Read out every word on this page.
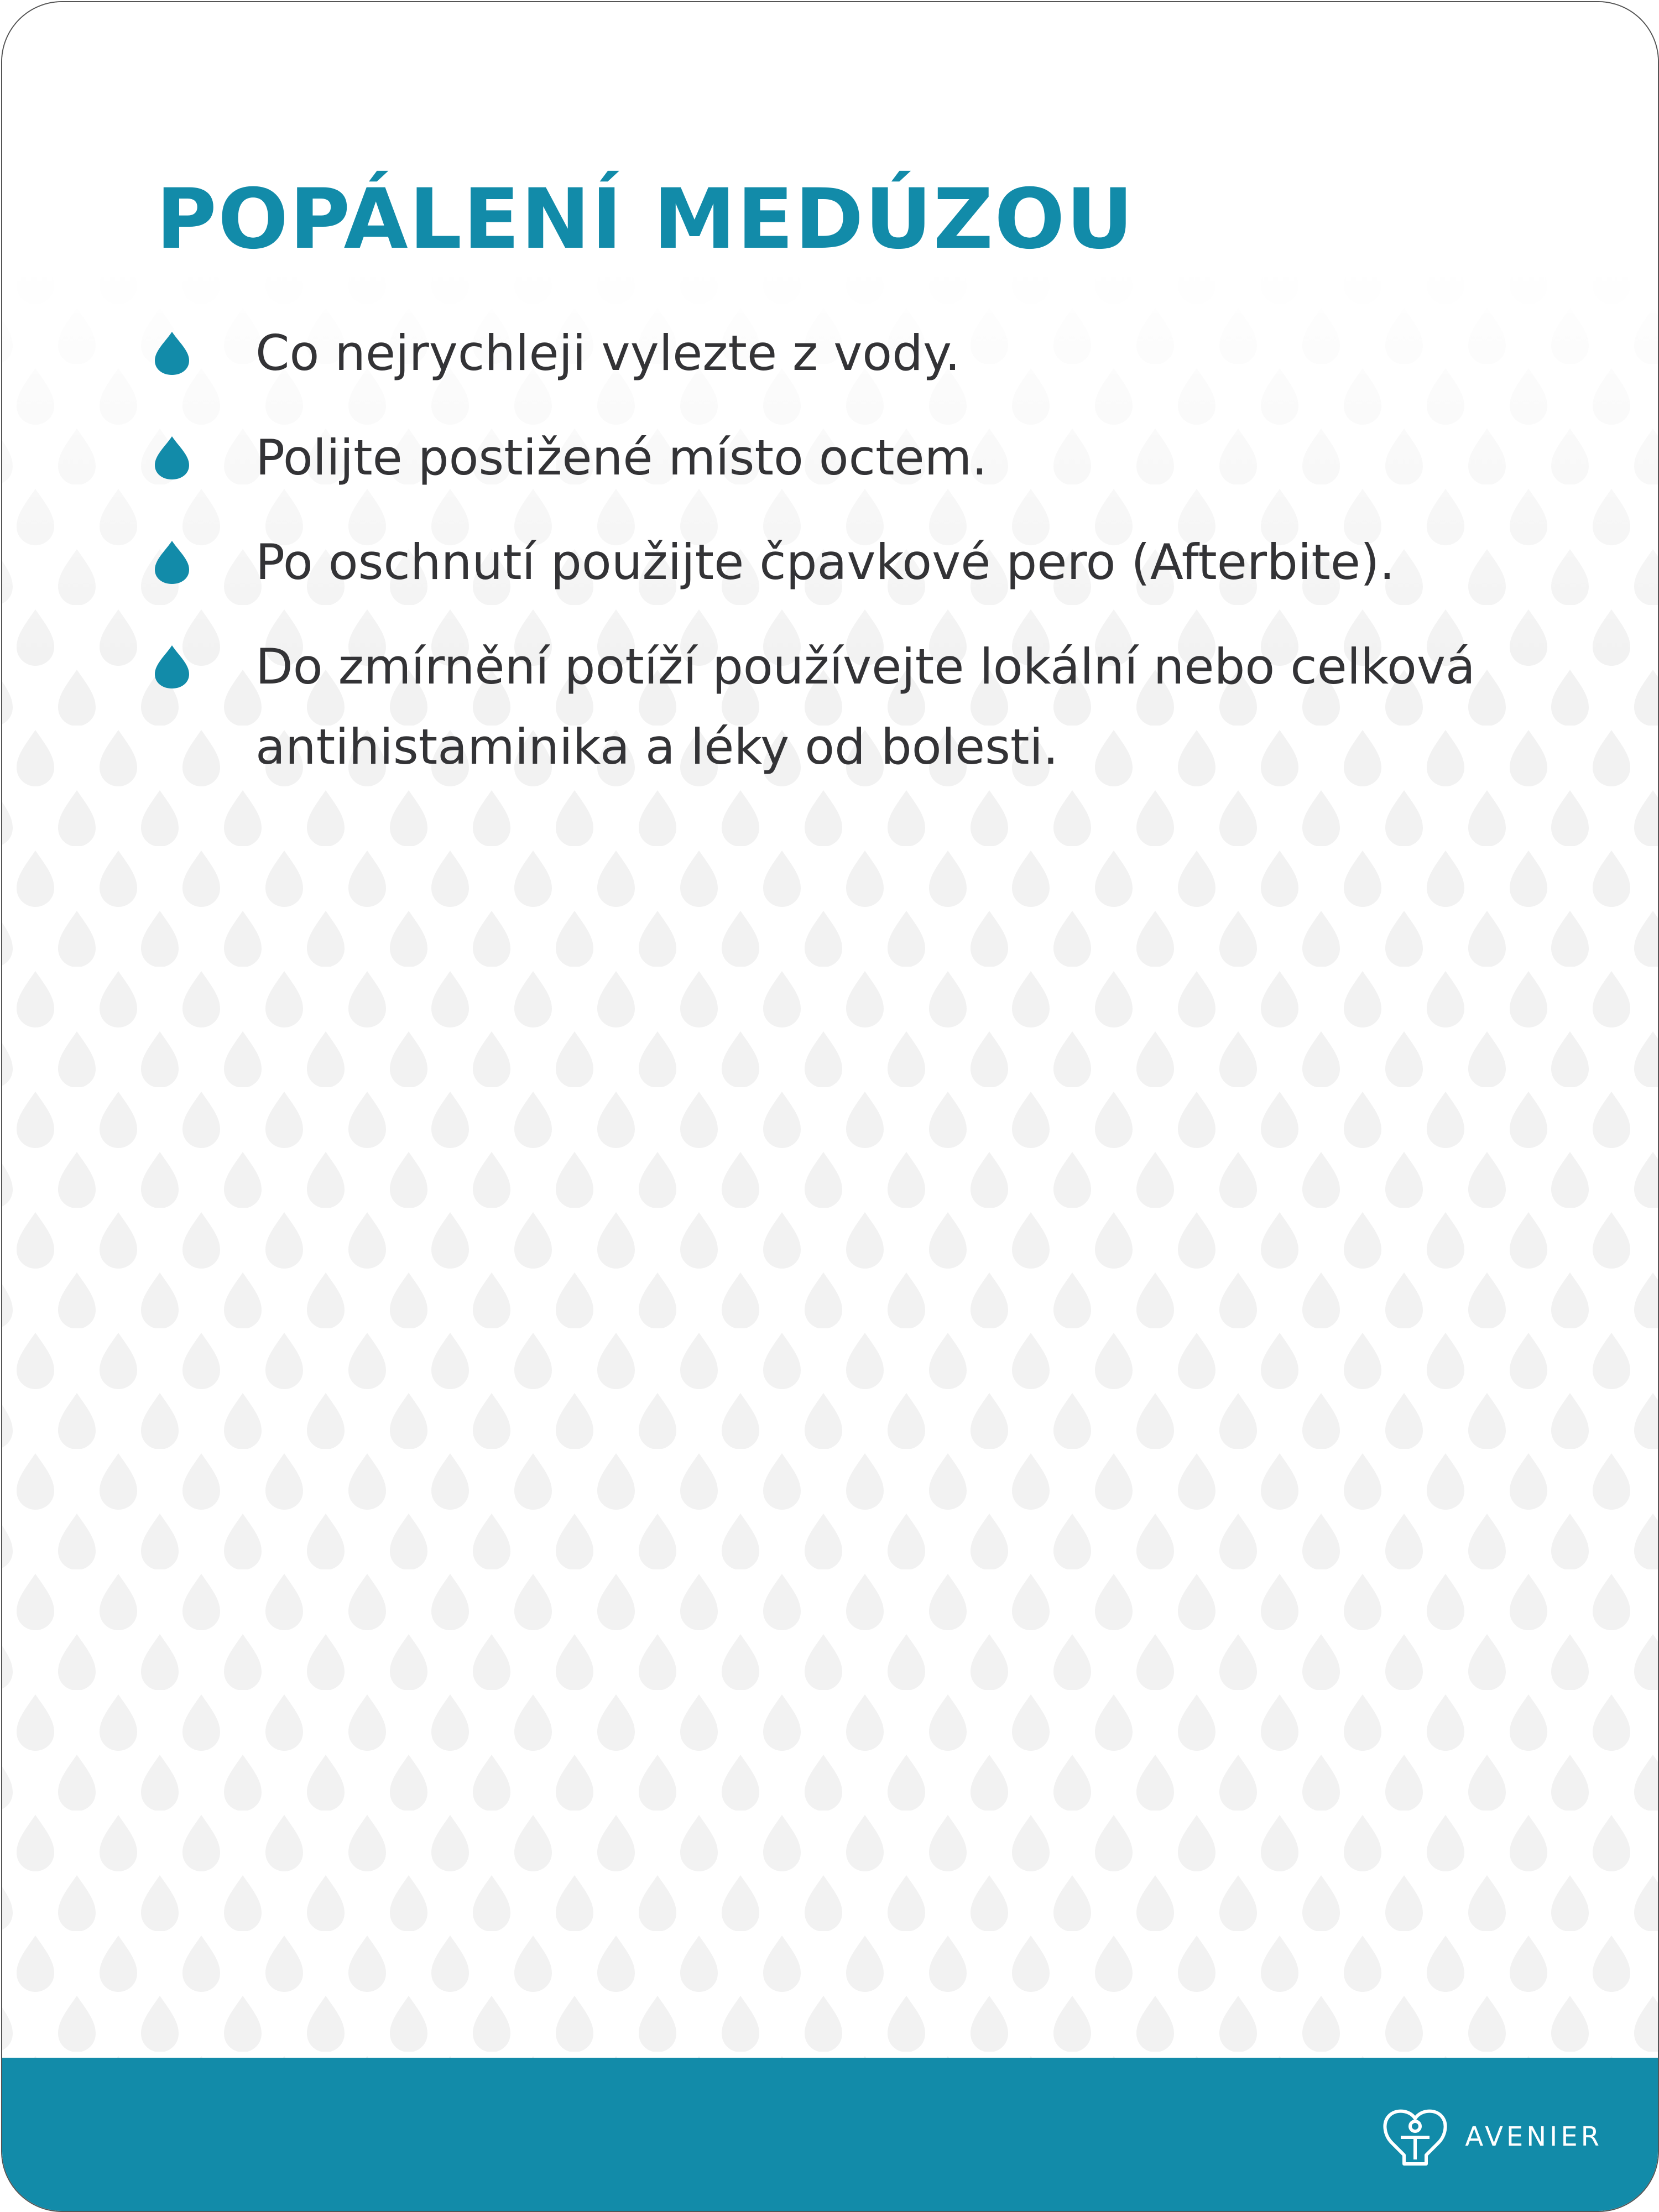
POPÁLENÍ MEDÚZOU
Co nejrychleji vylezte z vody.
Polijte postižené místo octem.
Po oschnutí použijte čpavkové pero (Afterbite).
Do zmírnění potíží používejte lokální nebo celková antihistaminika a léky od bolesti.
AVENIER
